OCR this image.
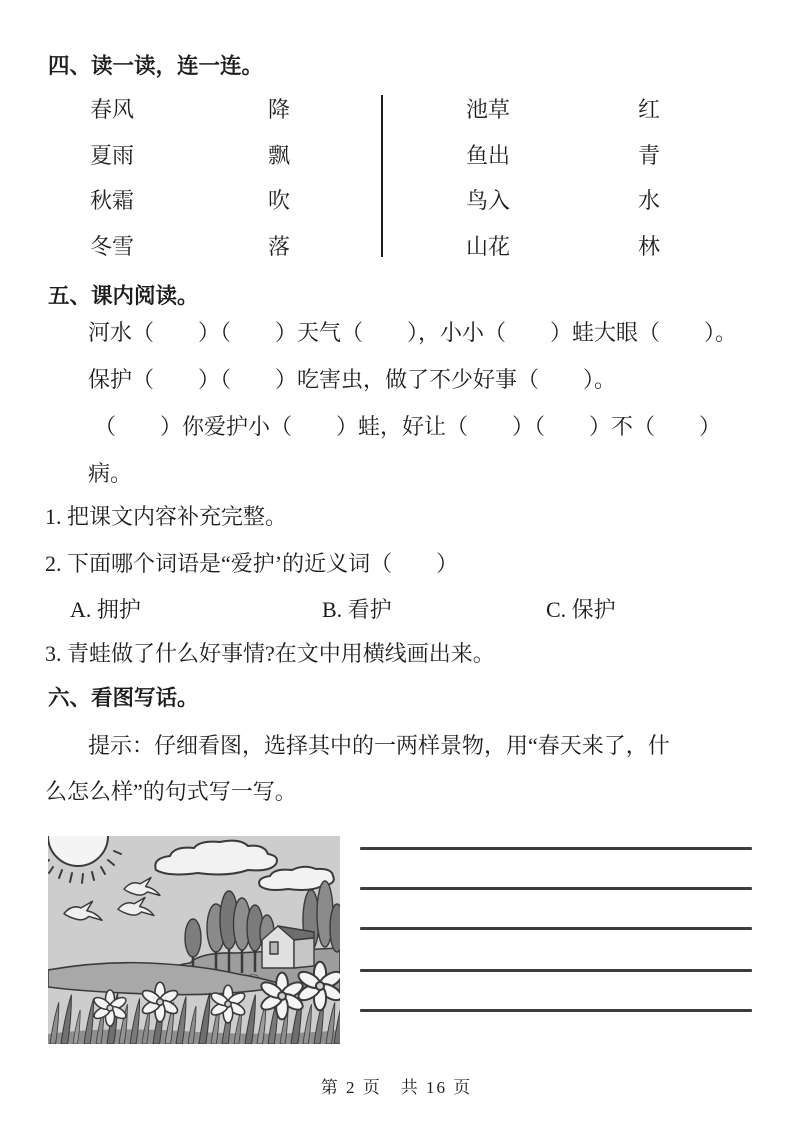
四、读一读，连一连。
春风
夏雨
秋霜
冬雪
降
飘
吹
落
池草
鱼出
鸟入
山花
红
青
水
林
五、课内阅读。
河水（　　）（　　）天气（　　），小小（　　）蛙大眼（　　）。
保护（　　）（　　）吃害虫，做了不少好事（　　）。
（　　）你爱护小（　　）蛙，好让（　　）（　　）不（　　）
病。
1. 把课文内容补充完整。
2. 下面哪个词语是“爱护’的近义词（　　）
A. 拥护	B. 看护	C. 保护
3. 青蛙做了什么好事情?在文中用横线画出来。
六、看图写话。
提示：仔细看图，选择其中的一两样景物，用“春天来了，什
么怎么样”的句式写一写。
第 2 页　共 16 页
